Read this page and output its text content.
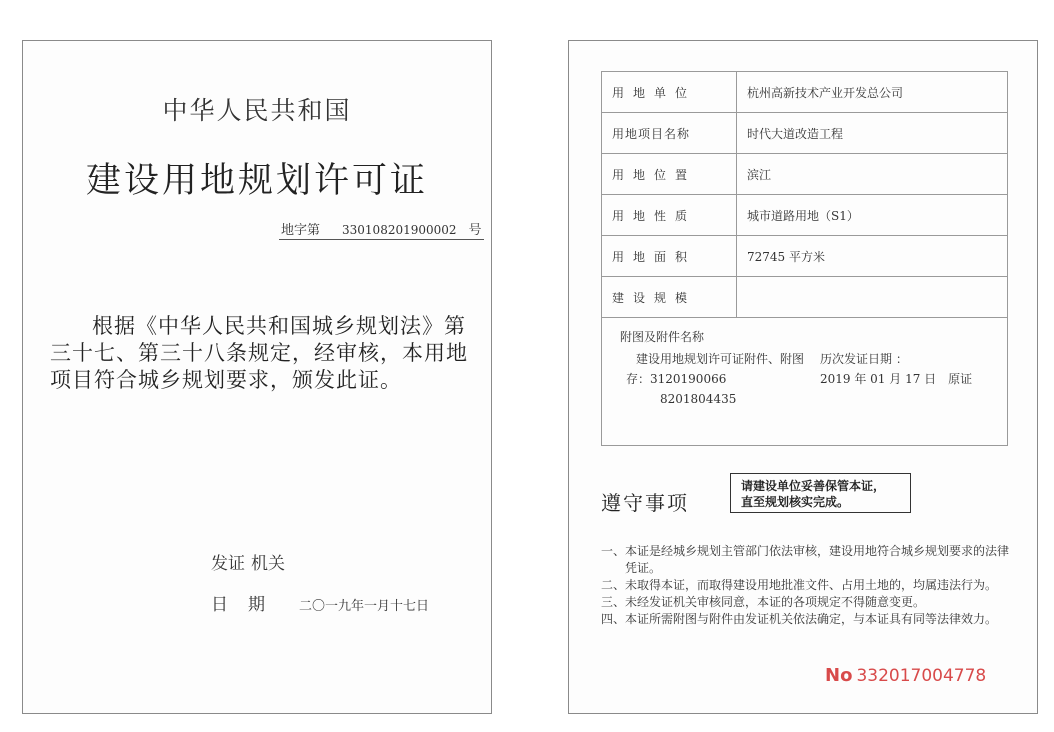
中华人民共和国
建设用地规划许可证
地字第 330108201900002 号
根据《中华人民共和国城乡规划法》第三十七、第三十八条规定，经审核，本用地项目符合城乡规划要求，颁发此证。
发证 机关
日期 二〇一九年一月十七日
用地单位	杭州高新技术产业开发总公司
用地项目名称	时代大道改造工程
用地位置	滨江
用地性质	城市道路用地（S1）
用地面积	72745 平方米
建设规模	
附图及附件名称
建设用地规划许可证附件、附图
存：3120190066
8201804435
历次发证日期 ：
2019 年 01 月 17 日　原证
遵守事项
请建设单位妥善保管本证，
直至规划核实完成。
一、 本证是经城乡规划主管部门依法审核，建设用地符合城乡规划要求的法律凭证。
二、 未取得本证，而取得建设用地批准文件、占用土地的，均属违法行为。
三、 未经发证机关审核同意，本证的各项规定不得随意变更。
四、 本证所需附图与附件由发证机关依法确定，与本证具有同等法律效力。
No 332017004778
